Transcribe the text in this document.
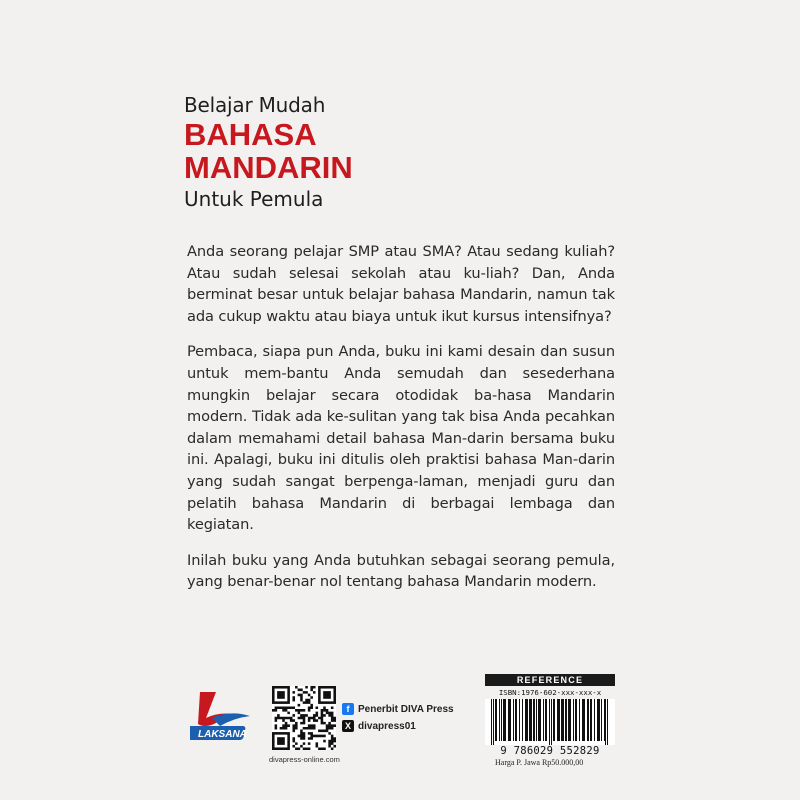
Belajar Mudah
BAHASA
MANDARIN
Untuk Pemula

Anda seorang pelajar SMP atau SMA? Atau sedang kuliah? Atau sudah selesai sekolah atau ku-liah? Dan, Anda berminat besar untuk belajar bahasa Mandarin, namun tak ada cukup waktu atau biaya untuk ikut kursus intensifnya?

Pembaca, siapa pun Anda, buku ini kami desain dan susun untuk mem-bantu Anda semudah dan sesederhana mungkin belajar secara otodidak ba-hasa Mandarin modern. Tidak ada ke-sulitan yang tak bisa Anda pecahkan dalam memahami detail bahasa Man-darin bersama buku ini. Apalagi, buku ini ditulis oleh praktisi bahasa Man-darin yang sudah sangat berpenga-laman, menjadi guru dan pelatih bahasa Mandarin di berbagai lembaga dan kegiatan.

Inilah buku yang Anda butuhkan sebagai seorang pemula, yang benar-benar nol tentang bahasa Mandarin modern.

LAKSANA
divapress-online.com
f Penerbit DIVA Press
X divapress01
REFERENCE
ISBN:1976-602-xxx-xxx-x
9 786029 552829
Harga P. Jawa Rp50.000,00
